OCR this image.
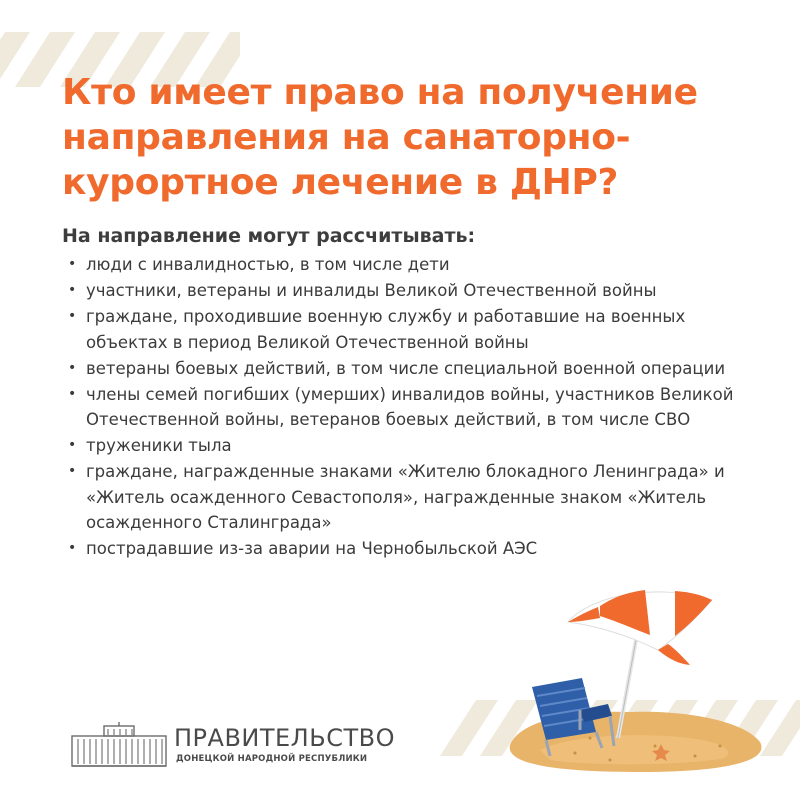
Кто имеет право на получение направления на санаторно-курортное лечение в ДНР?

На направление могут рассчитывать:

• люди с инвалидностью, в том числе дети
• участники, ветераны и инвалиды Великой Отечественной войны
• граждане, проходившие военную службу и работавшие на военных объектах в период Великой Отечественной войны
• ветераны боевых действий, в том числе специальной военной операции
• члены семей погибших (умерших) инвалидов войны, участников Великой Отечественной войны, ветеранов боевых действий, в том числе СВО
• труженики тыла
• граждане, награжденные знаками «Жителю блокадного Ленинграда» и «Житель осажденного Севастополя», награжденные знаком «Житель осажденного Сталинграда»
• пострадавшие из-за аварии на Чернобыльской АЭС
ПРАВИТЕЛЬСТВО
ДОНЕЦКОЙ НАРОДНОЙ РЕСПУБЛИКИ
